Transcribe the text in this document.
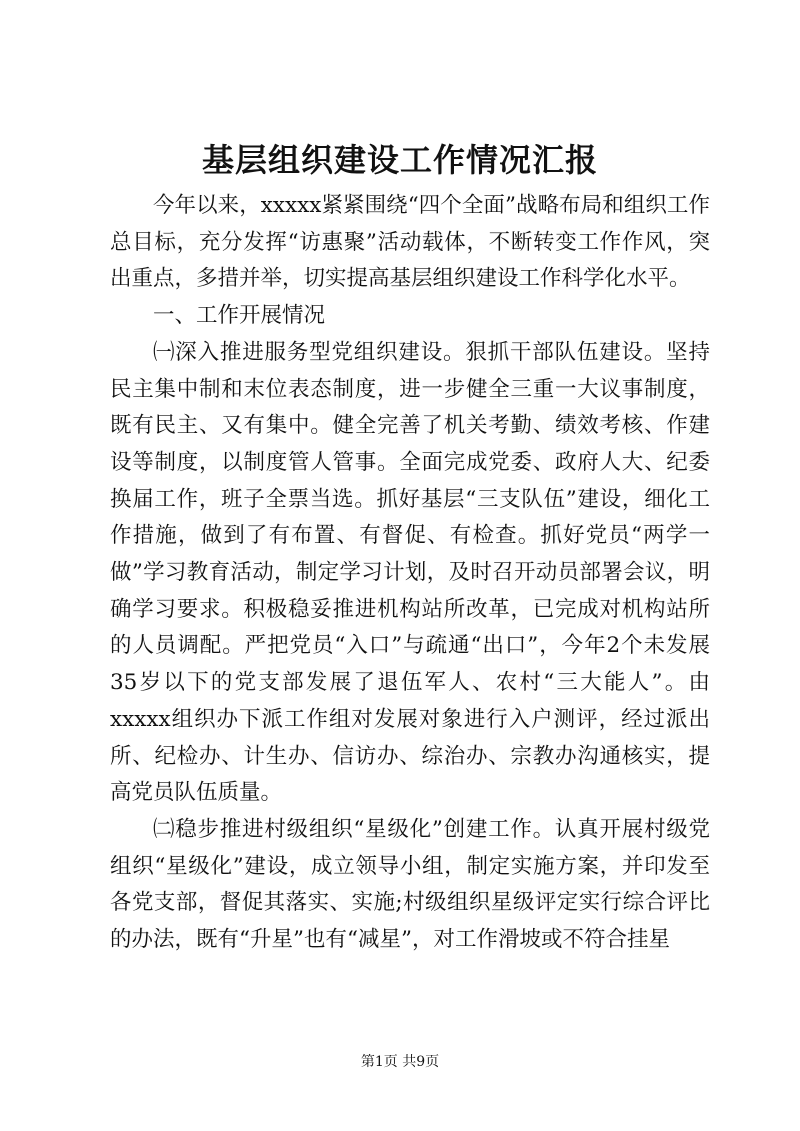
基层组织建设工作情况汇报

今年以来，xxxxx紧紧围绕“四个全面”战略布局和组织工作总目标，充分发挥“访惠聚”活动载体，不断转变工作作风，突出重点，多措并举，切实提高基层组织建设工作科学化水平。

一、工作开展情况

㈠深入推进服务型党组织建设。狠抓干部队伍建设。坚持民主集中制和末位表态制度，进一步健全三重一大议事制度，既有民主、又有集中。健全完善了机关考勤、绩效考核、作建设等制度，以制度管人管事。全面完成党委、政府人大、纪委换届工作，班子全票当选。抓好基层“三支队伍”建设，细化工作措施，做到了有布置、有督促、有检查。抓好党员“两学一做”学习教育活动，制定学习计划，及时召开动员部署会议，明确学习要求。积极稳妥推进机构站所改革，已完成对机构站所的人员调配。严把党员“入口”与疏通“出口”，今年2个未发展35岁以下的党支部发展了退伍军人、农村“三大能人”。由xxxxx组织办下派工作组对发展对象进行入户测评，经过派出所、纪检办、计生办、信访办、综治办、宗教办沟通核实，提高党员队伍质量。

㈡稳步推进村级组织“星级化”创建工作。认真开展村级党组织“星级化”建设，成立领导小组，制定实施方案，并印发至各党支部，督促其落实、实施;村级组织星级评定实行综合评比的办法，既有“升星”也有“减星”，对工作滑坡或不符合挂星

第1页 共9页
